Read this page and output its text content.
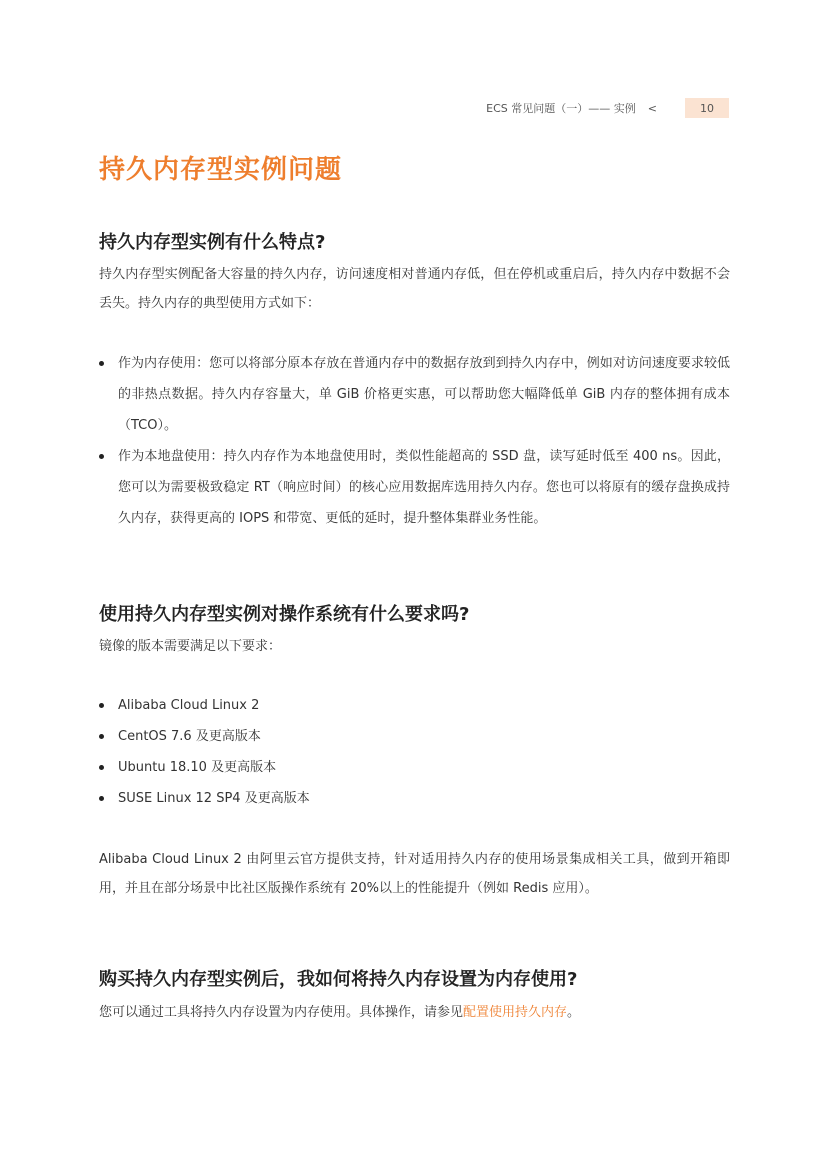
ECS 常见问题（一）—— 实例 <	10
持久内存型实例问题
持久内存型实例有什么特点?

持久内存型实例配备大容量的持久内存，访问速度相对普通内存低，但在停机或重启后，持久内存中数据不会丢失。持久内存的典型使用方式如下：

作为内存使用：您可以将部分原本存放在普通内存中的数据存放到到持久内存中，例如对访问速度要求较低的非热点数据。持久内存容量大，单 GiB 价格更实惠，可以帮助您大幅降低单 GiB 内存的整体拥有成本（TCO）。
作为本地盘使用：持久内存作为本地盘使用时，类似性能超高的 SSD 盘，读写延时低至 400 ns。因此，您可以为需要极致稳定 RT（响应时间）的核心应用数据库选用持久内存。您也可以将原有的缓存盘换成持久内存，获得更高的 IOPS 和带宽、更低的延时，提升整体集群业务性能。
使用持久内存型实例对操作系统有什么要求吗?

镜像的版本需要满足以下要求：

Alibaba Cloud Linux 2
CentOS 7.6 及更高版本
Ubuntu 18.10 及更高版本
SUSE Linux 12 SP4 及更高版本

Alibaba Cloud Linux 2 由阿里云官方提供支持，针对适用持久内存的使用场景集成相关工具，做到开箱即用，并且在部分场景中比社区版操作系统有 20%以上的性能提升（例如 Redis 应用）。

购买持久内存型实例后，我如何将持久内存设置为内存使用?

您可以通过工具将持久内存设置为内存使用。具体操作，请参见配置使用持久内存。
